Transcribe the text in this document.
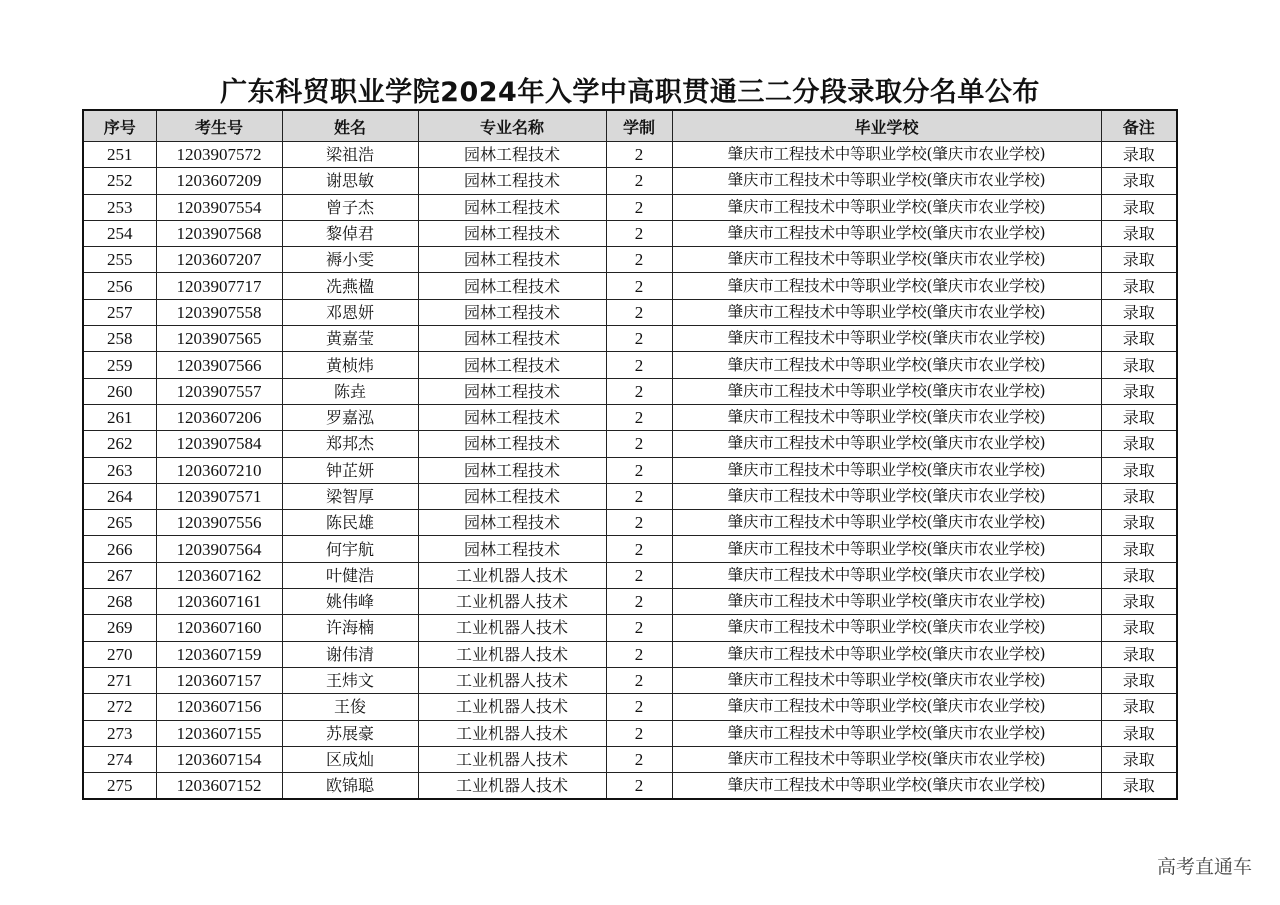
广东科贸职业学院2024年入学中高职贯通三二分段录取分名单公布
序号	考生号	姓名	专业名称	学制	毕业学校	备注
251	1203907572	梁祖浩	园林工程技术	2	肇庆市工程技术中等职业学校(肇庆市农业学校)	录取
252	1203607209	谢思敏	园林工程技术	2	肇庆市工程技术中等职业学校(肇庆市农业学校)	录取
253	1203907554	曾子杰	园林工程技术	2	肇庆市工程技术中等职业学校(肇庆市农业学校)	录取
254	1203907568	黎倬君	园林工程技术	2	肇庆市工程技术中等职业学校(肇庆市农业学校)	录取
255	1203607207	褥小雯	园林工程技术	2	肇庆市工程技术中等职业学校(肇庆市农业学校)	录取
256	1203907717	冼燕楹	园林工程技术	2	肇庆市工程技术中等职业学校(肇庆市农业学校)	录取
257	1203907558	邓恩妍	园林工程技术	2	肇庆市工程技术中等职业学校(肇庆市农业学校)	录取
258	1203907565	黄嘉莹	园林工程技术	2	肇庆市工程技术中等职业学校(肇庆市农业学校)	录取
259	1203907566	黄桢炜	园林工程技术	2	肇庆市工程技术中等职业学校(肇庆市农业学校)	录取
260	1203907557	陈垚	园林工程技术	2	肇庆市工程技术中等职业学校(肇庆市农业学校)	录取
261	1203607206	罗嘉泓	园林工程技术	2	肇庆市工程技术中等职业学校(肇庆市农业学校)	录取
262	1203907584	郑邦杰	园林工程技术	2	肇庆市工程技术中等职业学校(肇庆市农业学校)	录取
263	1203607210	钟芷妍	园林工程技术	2	肇庆市工程技术中等职业学校(肇庆市农业学校)	录取
264	1203907571	梁智厚	园林工程技术	2	肇庆市工程技术中等职业学校(肇庆市农业学校)	录取
265	1203907556	陈民雄	园林工程技术	2	肇庆市工程技术中等职业学校(肇庆市农业学校)	录取
266	1203907564	何宇航	园林工程技术	2	肇庆市工程技术中等职业学校(肇庆市农业学校)	录取
267	1203607162	叶健浩	工业机器人技术	2	肇庆市工程技术中等职业学校(肇庆市农业学校)	录取
268	1203607161	姚伟峰	工业机器人技术	2	肇庆市工程技术中等职业学校(肇庆市农业学校)	录取
269	1203607160	许海楠	工业机器人技术	2	肇庆市工程技术中等职业学校(肇庆市农业学校)	录取
270	1203607159	谢伟清	工业机器人技术	2	肇庆市工程技术中等职业学校(肇庆市农业学校)	录取
271	1203607157	王炜文	工业机器人技术	2	肇庆市工程技术中等职业学校(肇庆市农业学校)	录取
272	1203607156	王俊	工业机器人技术	2	肇庆市工程技术中等职业学校(肇庆市农业学校)	录取
273	1203607155	苏展豪	工业机器人技术	2	肇庆市工程技术中等职业学校(肇庆市农业学校)	录取
274	1203607154	区成灿	工业机器人技术	2	肇庆市工程技术中等职业学校(肇庆市农业学校)	录取
275	1203607152	欧锦聪	工业机器人技术	2	肇庆市工程技术中等职业学校(肇庆市农业学校)	录取
高考直通车
